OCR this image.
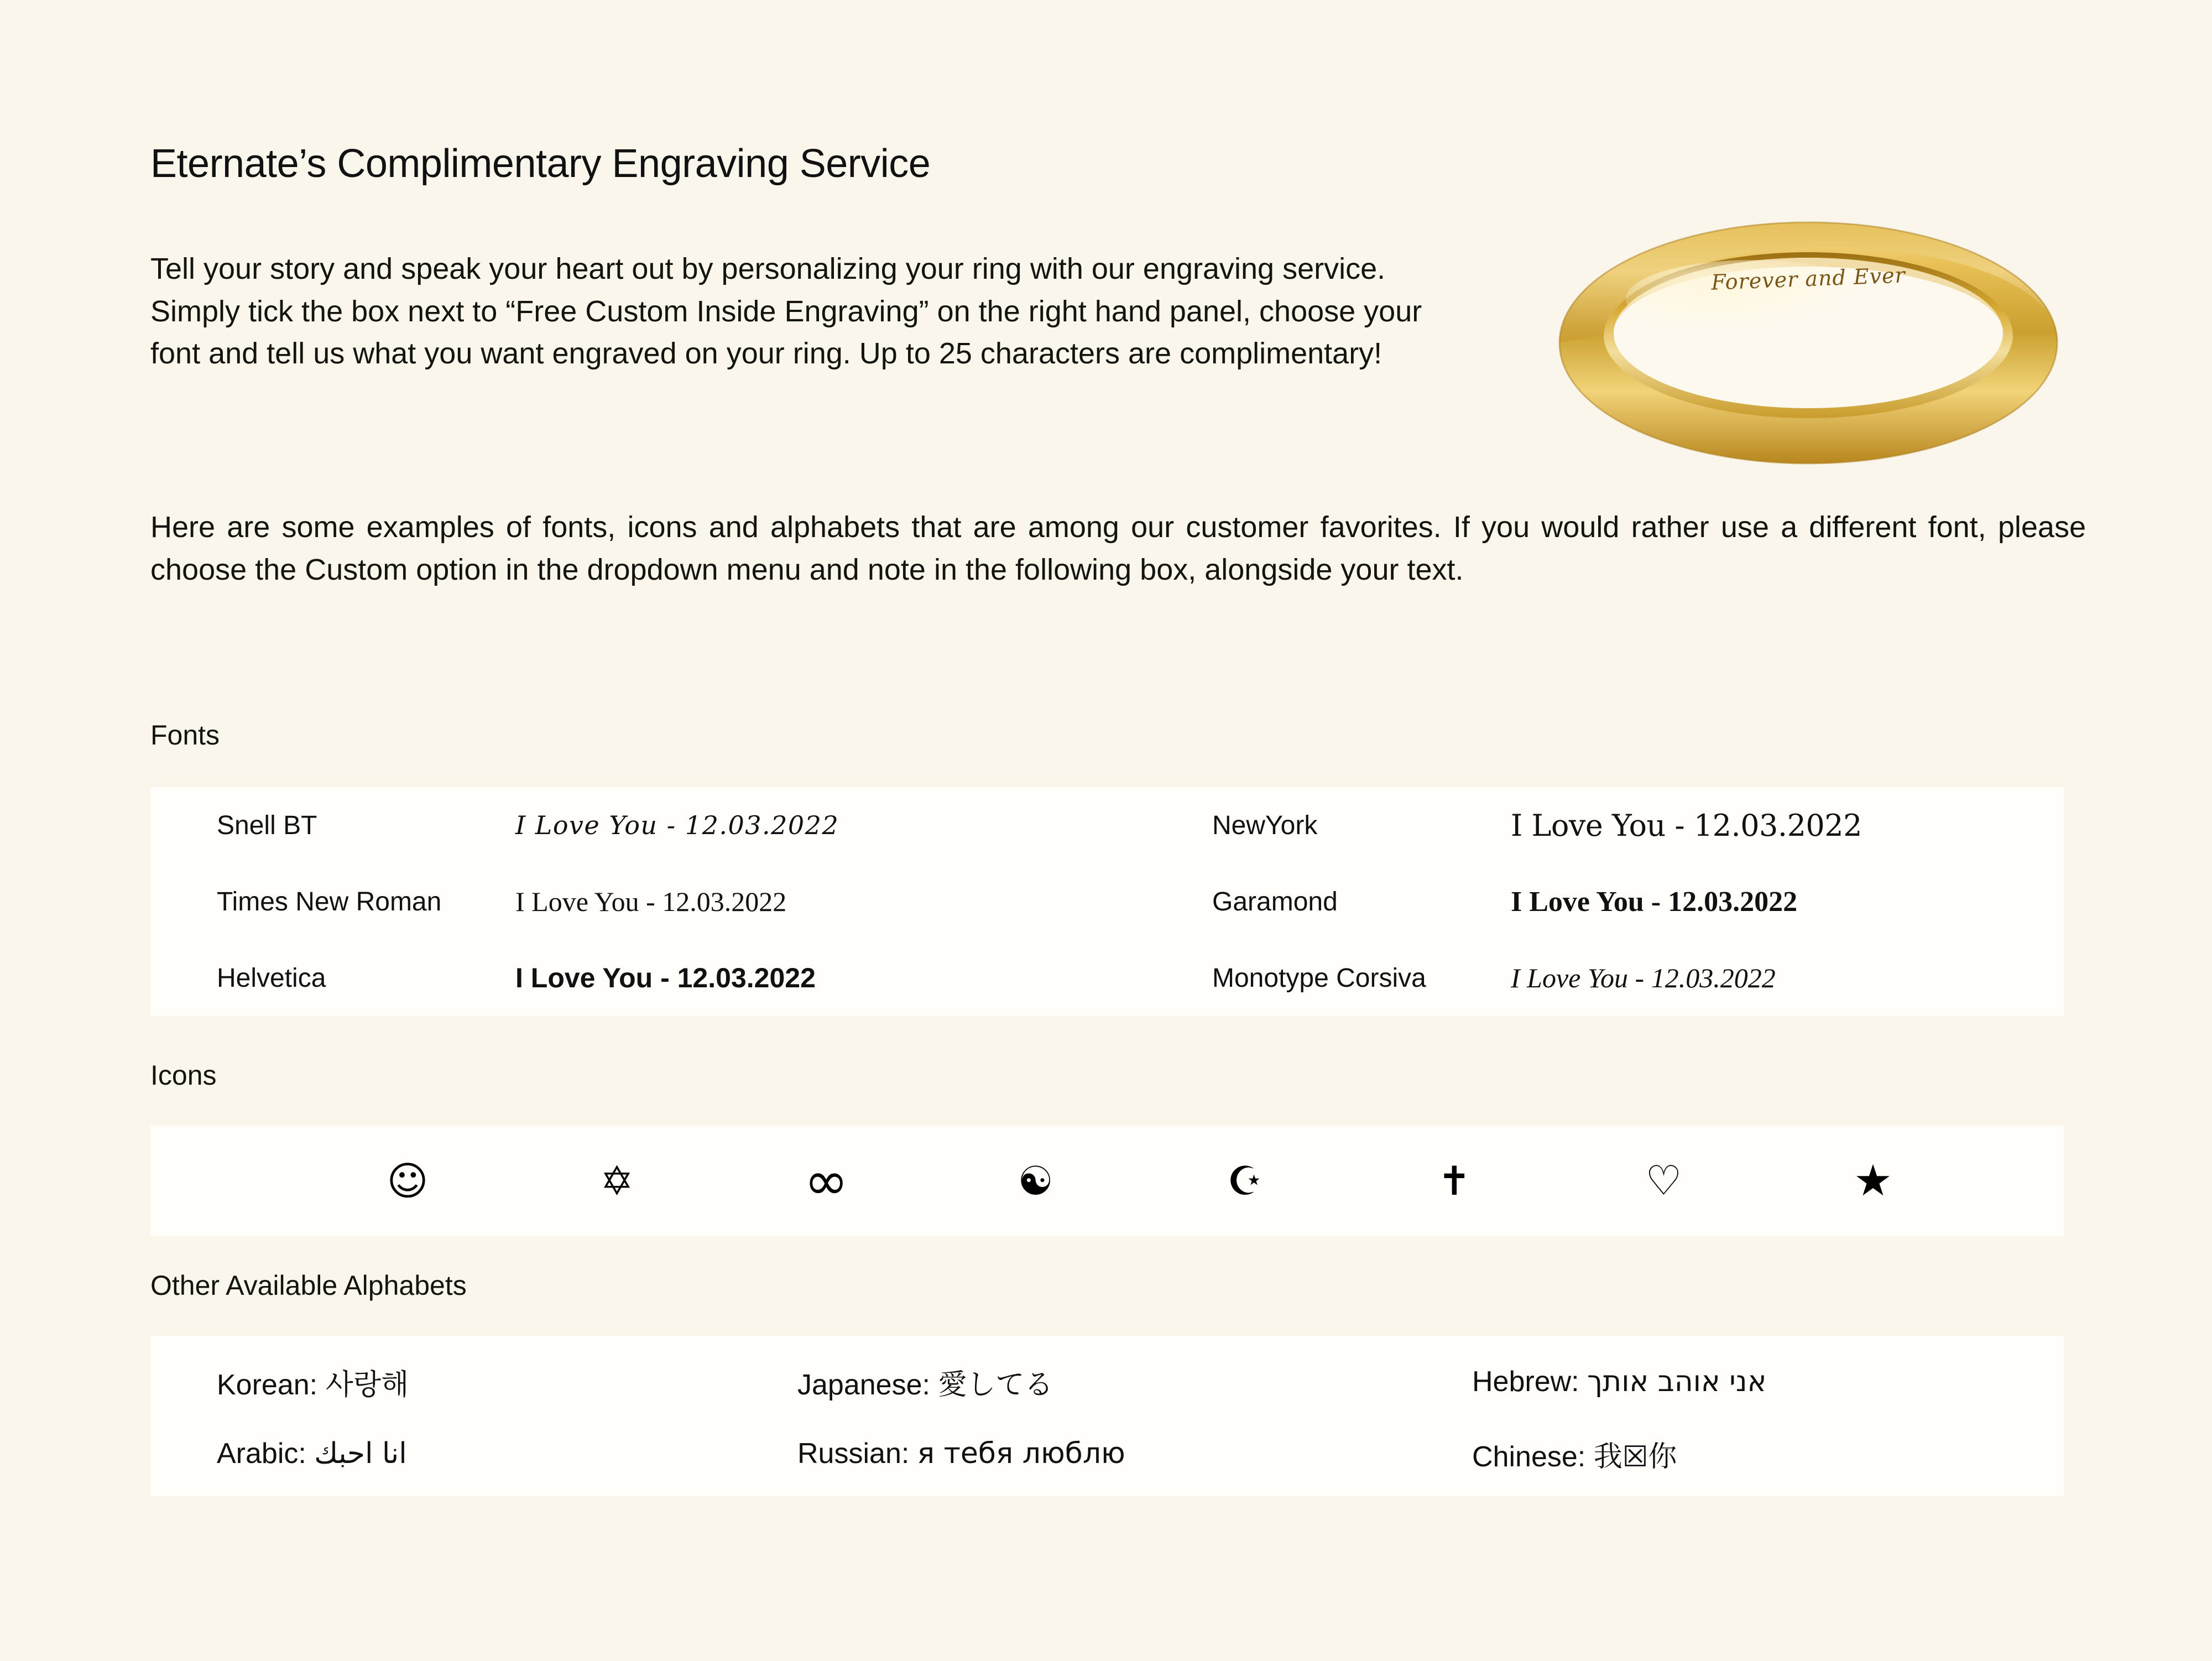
Eternate’s Complimentary Engraving Service
Tell your story and speak your heart out by personalizing your ring with our engraving service. Simply tick the box next to “Free Custom Inside Engraving” on the right hand panel, choose your font and tell us what you want engraved on your ring. Up to 25 characters are complimentary!
Here are some examples of fonts, icons and alphabets that are among our customer favorites. If you would rather use a different font, please choose the Custom option in the dropdown menu and note in the following box, alongside your text.
Forever and Ever
Fonts
Snell BT	I Love You - 12.03.2022	NewYork	I Love You - 12.03.2022
Times New Roman	I Love You - 12.03.2022	Garamond	I Love You - 12.03.2022
Helvetica	I Love You - 12.03.2022	Monotype Corsiva	I Love You - 12.03.2022
Icons
☺	✡	∞	☯	☪	✝	♡	★
Other Available Alphabets
Korean: 사랑해	Japanese: 愛してる	Hebrew: אני אוהב אותך
Arabic: انا احبك	Russian: я тебя люблю	Chinese: 我☒你
